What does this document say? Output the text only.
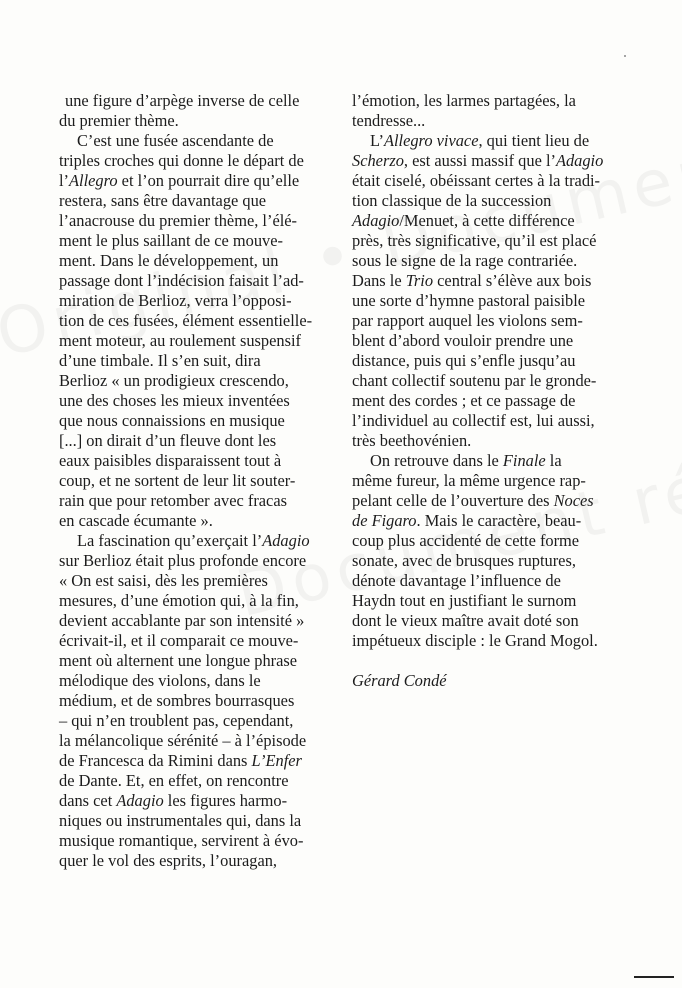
une figure d’arpège inverse de celle
du premier thème.
C’est une fusée ascendante de
triples croches qui donne le départ de
l’Allegro et l’on pourrait dire qu’elle
restera, sans être davantage que
l’anacrouse du premier thème, l’élé-
ment le plus saillant de ce mouve-
ment. Dans le développement, un
passage dont l’indécision faisait l’ad-
miration de Berlioz, verra l’opposi-
tion de ces fusées, élément essentielle-
ment moteur, au roulement suspensif
d’une timbale. Il s’en suit, dira
Berlioz « un prodigieux crescendo,
une des choses les mieux inventées
que nous connaissions en musique
[...] on dirait d’un fleuve dont les
eaux paisibles disparaissent tout à
coup, et ne sortent de leur lit souter-
rain que pour retomber avec fracas
en cascade écumante ».
La fascination qu’exerçait l’Adagio
sur Berlioz était plus profonde encore
« On est saisi, dès les premières
mesures, d’une émotion qui, à la fin,
devient accablante par son intensité »
écrivait-il, et il comparait ce mouve-
ment où alternent une longue phrase
mélodique des violons, dans le
médium, et de sombres bourrasques
– qui n’en troublent pas, cependant,
la mélancolique sérénité – à l’épisode
de Francesca da Rimini dans L’Enfer
de Dante. Et, en effet, on rencontre
dans cet Adagio les figures harmo-
niques ou instrumentales qui, dans la
musique romantique, servirent à évo-
quer le vol des esprits, l’ouragan,
l’émotion, les larmes partagées, la
tendresse...
L’Allegro vivace, qui tient lieu de
Scherzo, est aussi massif que l’Adagio
était ciselé, obéissant certes à la tradi-
tion classique de la succession
Adagio/Menuet, à cette différence
près, très significative, qu’il est placé
sous le signe de la rage contrariée.
Dans le Trio central s’élève aux bois
une sorte d’hymne pastoral paisible
par rapport auquel les violons sem-
blent d’abord vouloir prendre une
distance, puis qui s’enfle jusqu’au
chant collectif soutenu par le gronde-
ment des cordes ; et ce passage de
l’individuel au collectif est, lui aussi,
très beethovénien.
On retrouve dans le Finale la
même fureur, la même urgence rap-
pelant celle de l’ouverture des Noces
de Figaro. Mais le caractère, beau-
coup plus accidenté de cette forme
sonate, avec de brusques ruptures,
dénote davantage l’influence de
Haydn tout en justifiant le surnom
dont le vieux maître avait doté son
impétueux disciple : le Grand Mogol.
Gérard Condé
